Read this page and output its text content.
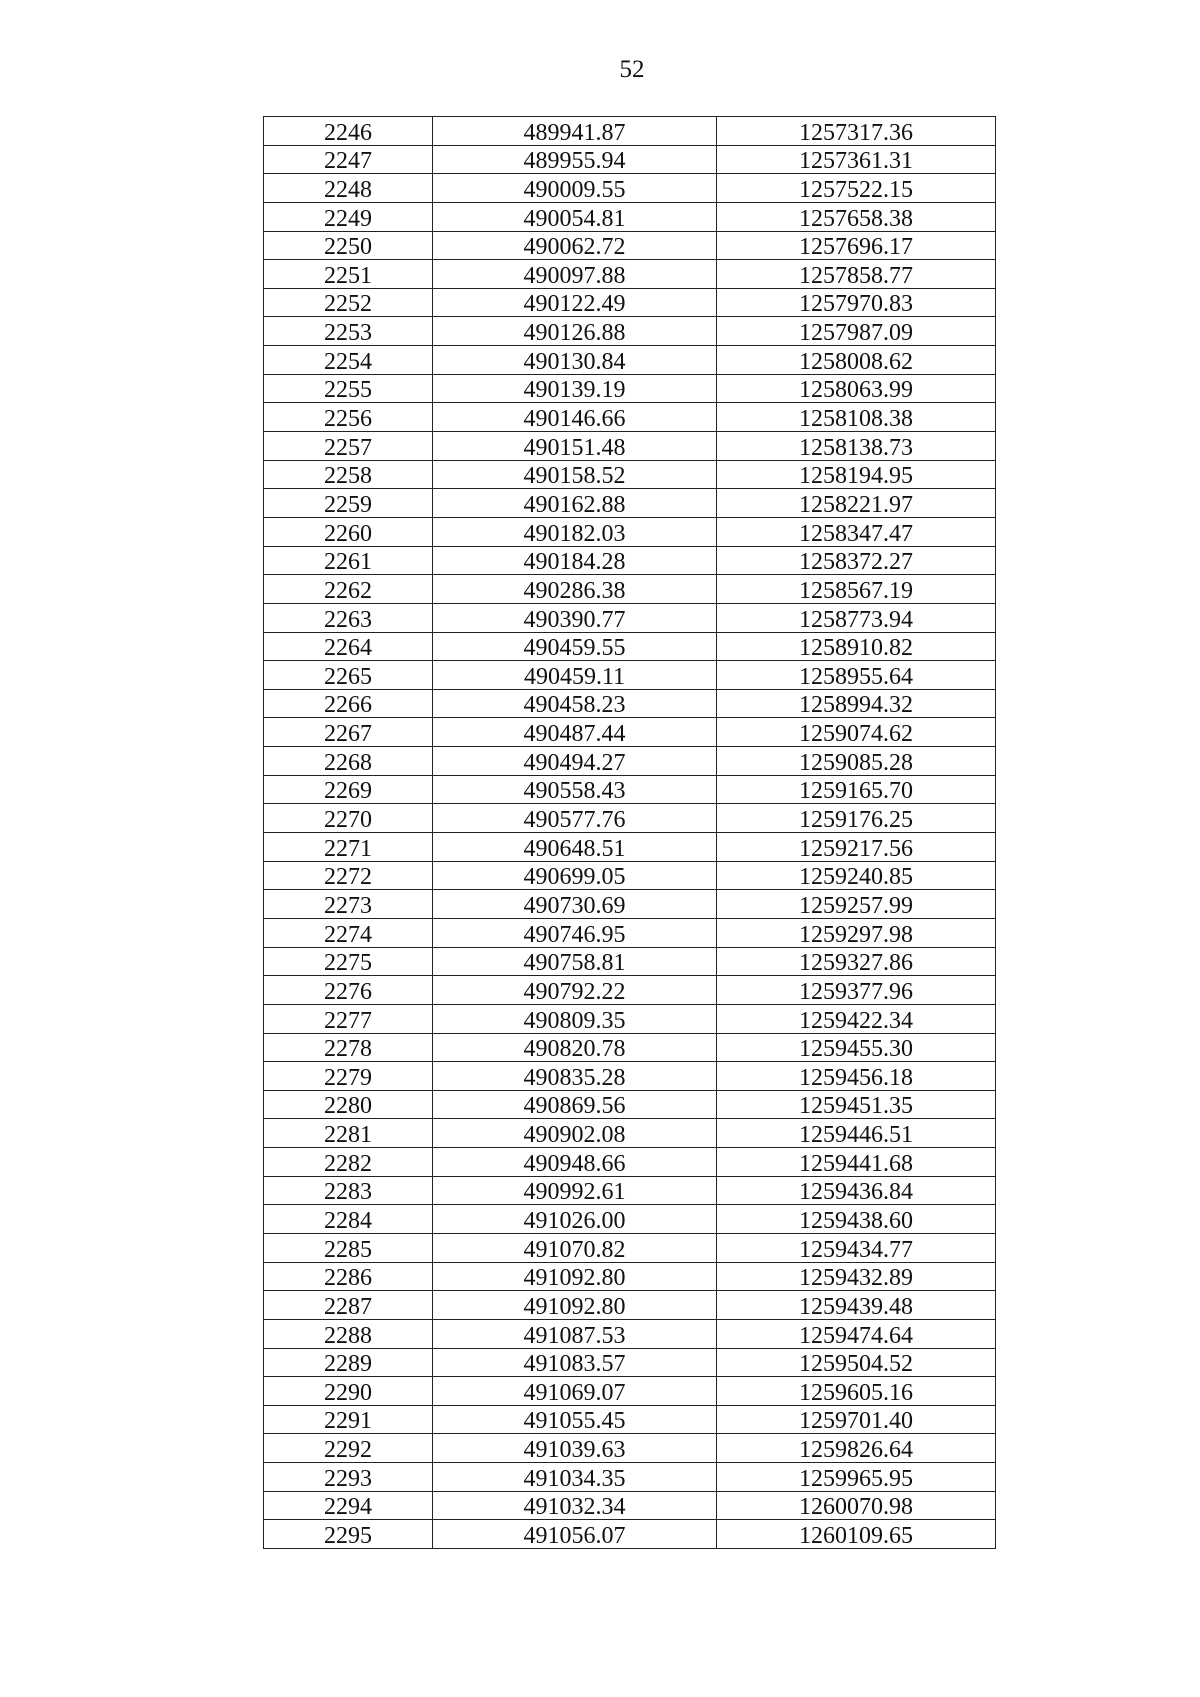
52
2246	489941.87	1257317.36
2247	489955.94	1257361.31
2248	490009.55	1257522.15
2249	490054.81	1257658.38
2250	490062.72	1257696.17
2251	490097.88	1257858.77
2252	490122.49	1257970.83
2253	490126.88	1257987.09
2254	490130.84	1258008.62
2255	490139.19	1258063.99
2256	490146.66	1258108.38
2257	490151.48	1258138.73
2258	490158.52	1258194.95
2259	490162.88	1258221.97
2260	490182.03	1258347.47
2261	490184.28	1258372.27
2262	490286.38	1258567.19
2263	490390.77	1258773.94
2264	490459.55	1258910.82
2265	490459.11	1258955.64
2266	490458.23	1258994.32
2267	490487.44	1259074.62
2268	490494.27	1259085.28
2269	490558.43	1259165.70
2270	490577.76	1259176.25
2271	490648.51	1259217.56
2272	490699.05	1259240.85
2273	490730.69	1259257.99
2274	490746.95	1259297.98
2275	490758.81	1259327.86
2276	490792.22	1259377.96
2277	490809.35	1259422.34
2278	490820.78	1259455.30
2279	490835.28	1259456.18
2280	490869.56	1259451.35
2281	490902.08	1259446.51
2282	490948.66	1259441.68
2283	490992.61	1259436.84
2284	491026.00	1259438.60
2285	491070.82	1259434.77
2286	491092.80	1259432.89
2287	491092.80	1259439.48
2288	491087.53	1259474.64
2289	491083.57	1259504.52
2290	491069.07	1259605.16
2291	491055.45	1259701.40
2292	491039.63	1259826.64
2293	491034.35	1259965.95
2294	491032.34	1260070.98
2295	491056.07	1260109.65
